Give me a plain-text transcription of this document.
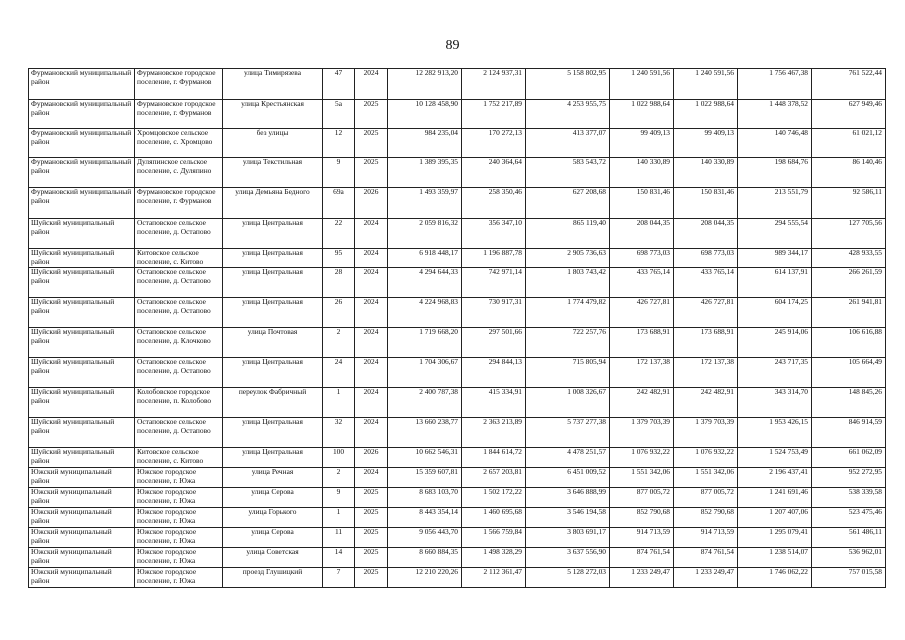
89
Фурмановский муниципальный район	Фурмановское городское поселение, г. Фурманов	улица Тимирязева	47	2024	12 282 913,20	2 124 937,31	5 158 802,95	1 240 591,56	1 240 591,56	1 756 467,38	761 522,44
Фурмановский муниципальный район	Фурмановское городское поселение, г. Фурманов	улица Крестьянская	5а	2025	10 128 458,90	1 752 217,89	4 253 955,75	1 022 988,64	1 022 988,64	1 448 378,52	627 949,46
Фурмановский муниципальный район	Хромцовское сельское поселение, с. Хромцово	без улицы	12	2025	984 235,04	170 272,13	413 377,07	99 409,13	99 409,13	140 746,48	61 021,12
Фурмановский муниципальный район	Дуляпинское сельское поселение, с. Дуляпино	улица Текстильная	9	2025	1 389 395,35	240 364,64	583 543,72	140 330,89	140 330,89	198 684,76	86 140,46
Фурмановский муниципальный район	Фурмановское городское поселение, г. Фурманов	улица Демьяна Бедного	69а	2026	1 493 359,97	258 350,46	627 208,68	150 831,46	150 831,46	213 551,79	92 586,11
Шуйский муниципальный район	Остаповское сельское поселение, д. Остапово	улица Центральная	22	2024	2 059 816,32	356 347,10	865 119,40	208 044,35	208 044,35	294 555,54	127 705,56
Шуйский муниципальный район	Китовское сельское поселение, с. Китово	улица Центральная	95	2024	6 918 448,17	1 196 887,78	2 905 736,63	698 773,03	698 773,03	989 344,17	428 933,55
Шуйский муниципальный район	Остаповское сельское поселение, д. Остапово	улица Центральная	28	2024	4 294 644,33	742 971,14	1 803 743,42	433 765,14	433 765,14	614 137,91	266 261,59
Шуйский муниципальный район	Остаповское сельское поселение, д. Остапово	улица Центральная	26	2024	4 224 968,83	730 917,31	1 774 479,82	426 727,81	426 727,81	604 174,25	261 941,81
Шуйский муниципальный район	Остаповское сельское поселение, д. Клочково	улица Почтовая	2	2024	1 719 668,20	297 501,66	722 257,76	173 688,91	173 688,91	245 914,06	106 616,88
Шуйский муниципальный район	Остаповское сельское поселение, д. Остапово	улица Центральная	24	2024	1 704 306,67	294 844,13	715 805,94	172 137,38	172 137,38	243 717,35	105 664,49
Шуйский муниципальный район	Колобовское городское поселение, п. Колобово	переулок Фабричный	1	2024	2 400 787,38	415 334,91	1 008 326,67	242 482,91	242 482,91	343 314,70	148 845,26
Шуйский муниципальный район	Остаповское сельское поселение, д. Остапово	улица Центральная	32	2024	13 660 238,77	2 363 213,89	5 737 277,38	1 379 703,39	1 379 703,39	1 953 426,15	846 914,59
Шуйский муниципальный район	Китовское сельское поселение, с. Китово	улица Центральная	100	2026	10 662 546,31	1 844 614,72	4 478 251,57	1 076 932,22	1 076 932,22	1 524 753,49	661 062,09
Южский муниципальный район	Южское городское поселение, г. Южа	улица Речная	2	2024	15 359 607,81	2 657 203,81	6 451 009,52	1 551 342,06	1 551 342,06	2 196 437,41	952 272,95
Южский муниципальный район	Южское городское поселение, г. Южа	улица Серова	9	2025	8 683 103,70	1 502 172,22	3 646 888,99	877 005,72	877 005,72	1 241 691,46	538 339,58
Южский муниципальный район	Южское городское поселение, г. Южа	улица Горького	1	2025	8 443 354,14	1 460 695,68	3 546 194,58	852 790,68	852 790,68	1 207 407,06	523 475,46
Южский муниципальный район	Южское городское поселение, г. Южа	улица Серова	11	2025	9 056 443,70	1 566 759,84	3 803 691,17	914 713,59	914 713,59	1 295 079,41	561 486,11
Южский муниципальный район	Южское городское поселение, г. Южа	улица Советская	14	2025	8 660 884,35	1 498 328,29	3 637 556,90	874 761,54	874 761,54	1 238 514,07	536 962,01
Южский муниципальный район	Южское городское поселение, г. Южа	проезд Глушицкий	7	2025	12 210 220,26	2 112 361,47	5 128 272,03	1 233 249,47	1 233 249,47	1 746 062,22	757 015,58
